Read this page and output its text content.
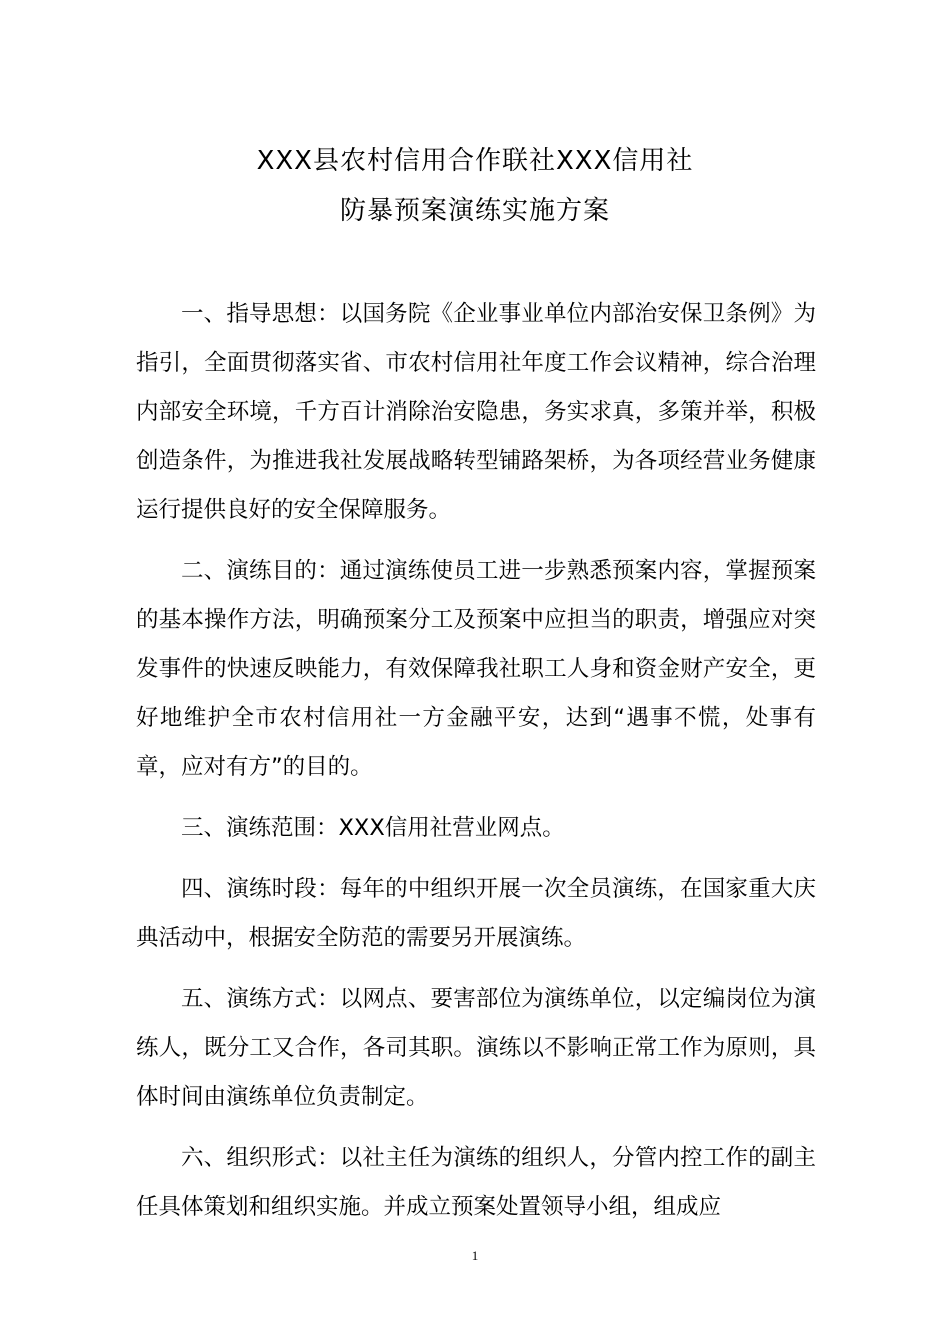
XXX县农村信用合作联社XXX信用社
防暴预案演练实施方案

一、指导思想：以国务院《企业事业单位内部治安保卫条例》为指引，全面贯彻落实省、市农村信用社年度工作会议精神，综合治理内部安全环境，千方百计消除治安隐患，务实求真，多策并举，积极创造条件，为推进我社发展战略转型铺路架桥，为各项经营业务健康运行提供良好的安全保障服务。

二、演练目的：通过演练使员工进一步熟悉预案内容，掌握预案的基本操作方法，明确预案分工及预案中应担当的职责，增强应对突发事件的快速反映能力，有效保障我社职工人身和资金财产安全，更好地维护全市农村信用社一方金融平安，达到“遇事不慌，处事有章，应对有方”的目的。

三、演练范围：XXX信用社营业网点。

四、演练时段：每年的中组织开展一次全员演练，在国家重大庆典活动中，根据安全防范的需要另开展演练。

五、演练方式：以网点、要害部位为演练单位，以定编岗位为演练人，既分工又合作，各司其职。演练以不影响正常工作为原则，具体时间由演练单位负责制定。

六、组织形式：以社主任为演练的组织人，分管内控工作的副主任具体策划和组织实施。并成立预案处置领导小组，组成应

1
